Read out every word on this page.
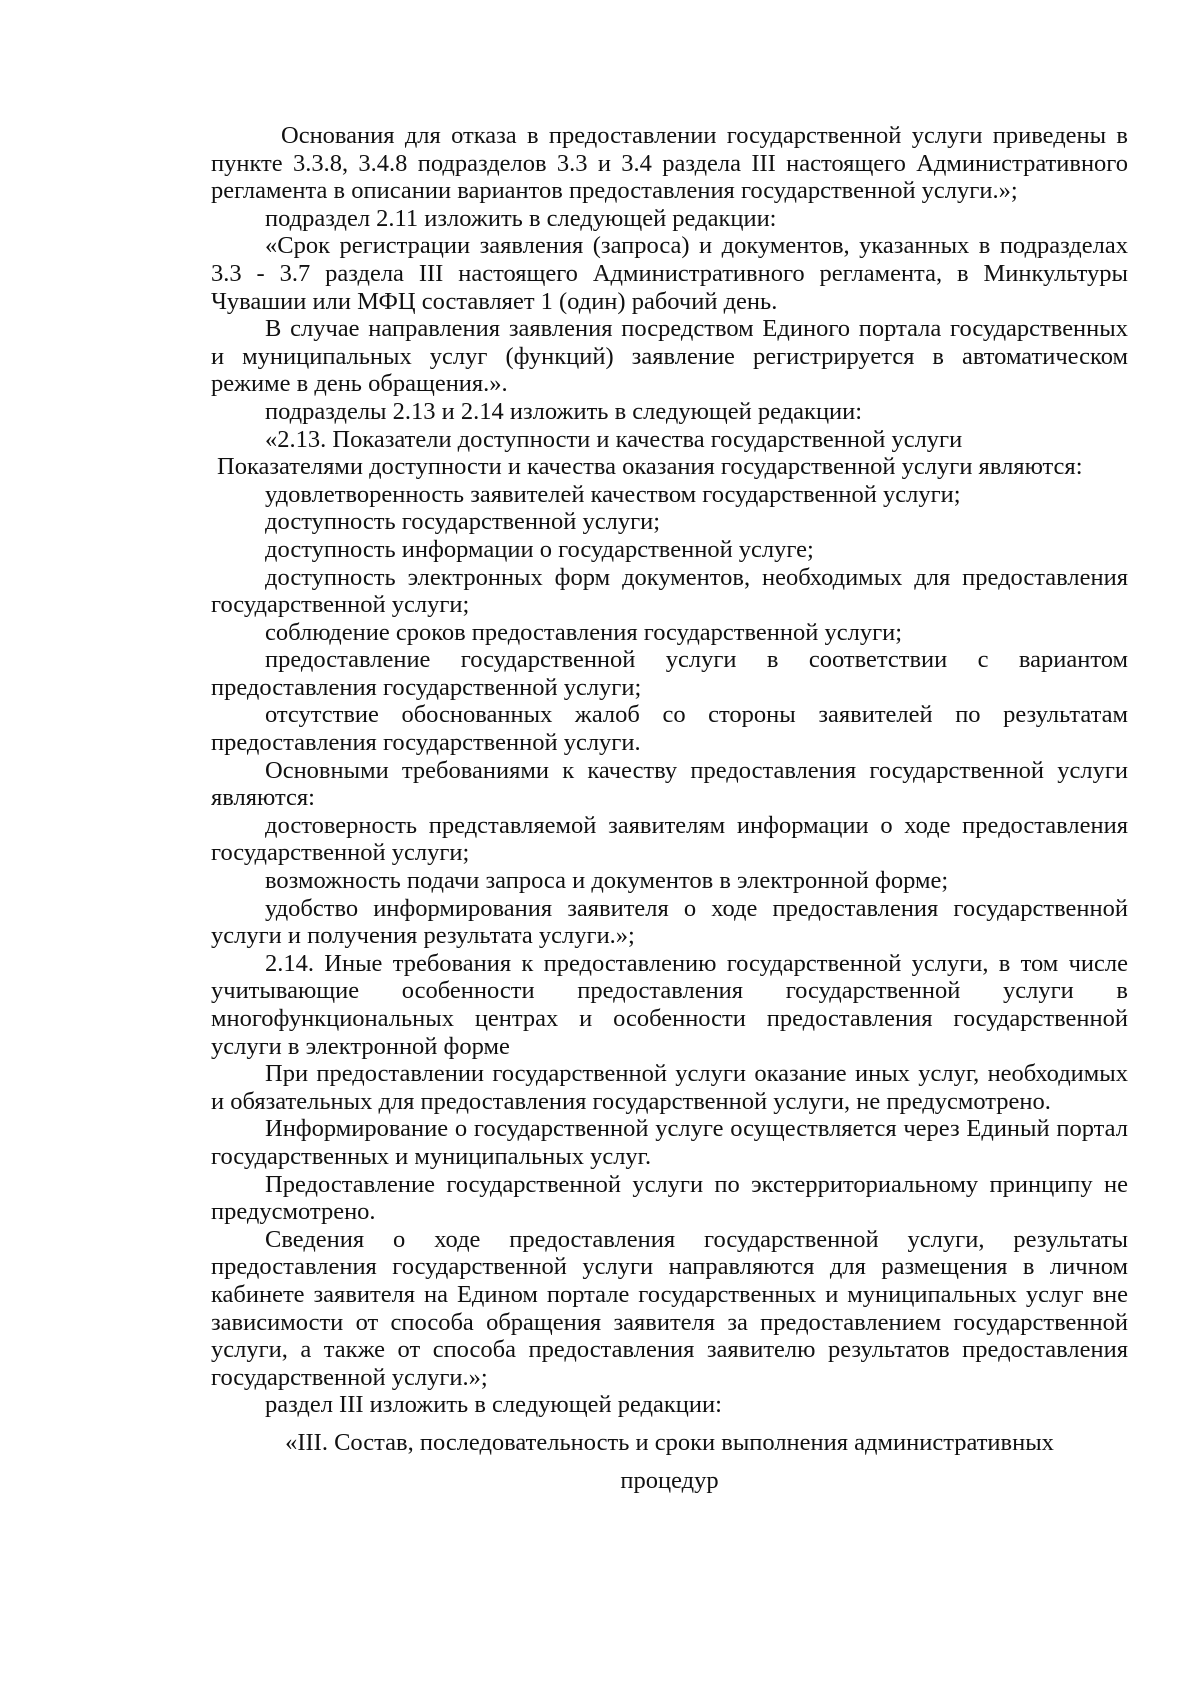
Основания для отказа в предоставлении государственной услуги приведены в пункте 3.3.8, 3.4.8 подразделов 3.3 и 3.4 раздела III настоящего Административного регламента в описании вариантов предоставления государственной услуги.»;

подраздел 2.11 изложить в следующей редакции:

«Срок регистрации заявления (запроса) и документов, указанных в подразделах 3.3 - 3.7 раздела III настоящего Административного регламента, в Минкультуры Чувашии или МФЦ составляет 1 (один) рабочий день.

В случае направления заявления посредством Единого портала государственных и муниципальных услуг (функций) заявление регистрируется в автоматическом режиме в день обращения.».

подразделы 2.13 и 2.14 изложить в следующей редакции:

«2.13. Показатели доступности и качества государственной услуги

Показателями доступности и качества оказания государственной услуги являются:

удовлетворенность заявителей качеством государственной услуги;

доступность государственной услуги;

доступность информации о государственной услуге;

доступность электронных форм документов, необходимых для предоставления государственной услуги;

соблюдение сроков предоставления государственной услуги;

предоставление государственной услуги в соответствии с вариантом предоставления государственной услуги;

отсутствие обоснованных жалоб со стороны заявителей по результатам предоставления государственной услуги.

Основными требованиями к качеству предоставления государственной услуги являются:

достоверность представляемой заявителям информации о ходе предоставления государственной услуги;

возможность подачи запроса и документов в электронной форме;

удобство информирования заявителя о ходе предоставления государственной услуги и получения результата услуги.»;

2.14. Иные требования к предоставлению государственной услуги, в том числе учитывающие особенности предоставления государственной услуги в многофункциональных центрах и особенности предоставления государственной услуги в электронной форме

При предоставлении государственной услуги оказание иных услуг, необходимых и обязательных для предоставления государственной услуги, не предусмотрено.

Информирование о государственной услуге осуществляется через Единый портал государственных и муниципальных услуг.

Предоставление государственной услуги по экстерриториальному принципу не предусмотрено.

Сведения о ходе предоставления государственной услуги, результаты предоставления государственной услуги направляются для размещения в личном кабинете заявителя на Едином портале государственных и муниципальных услуг вне зависимости от способа обращения заявителя за предоставлением государственной услуги, а также от способа предоставления заявителю результатов предоставления государственной услуги.»;

раздел III изложить в следующей редакции:

«III. Состав, последовательность и сроки выполнения административных

процедур
